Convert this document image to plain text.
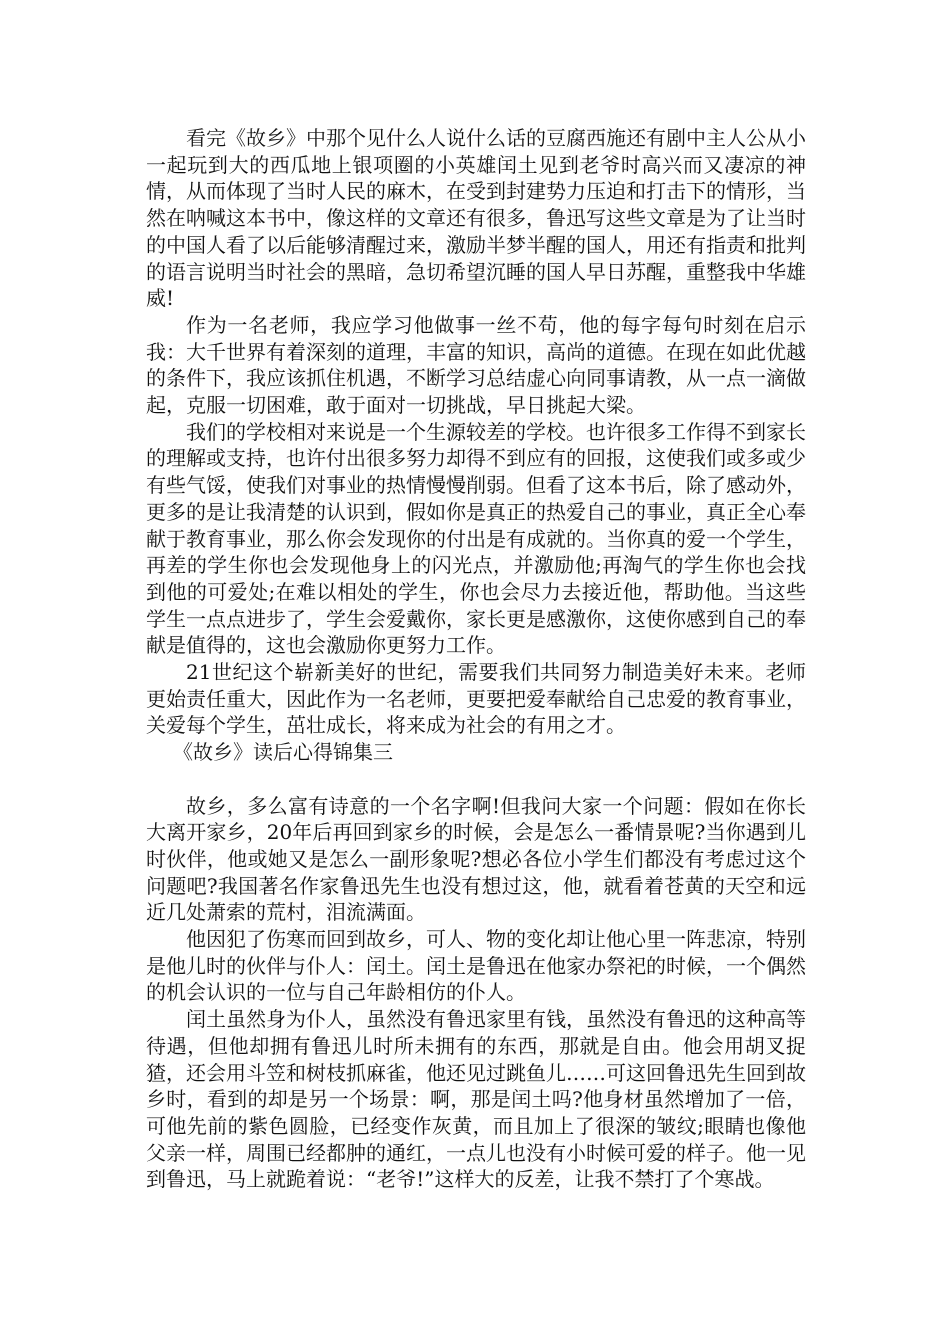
看完《故乡》中那个见什么人说什么话的豆腐西施还有剧中主人公从小一起玩到大的西瓜地上银项圈的小英雄闰土见到老爷时高兴而又凄凉的神情，从而体现了当时人民的麻木，在受到封建势力压迫和打击下的情形，当然在呐喊这本书中，像这样的文章还有很多，鲁迅写这些文章是为了让当时的中国人看了以后能够清醒过来，激励半梦半醒的国人，用还有指责和批判的语言说明当时社会的黑暗，急切希望沉睡的国人早日苏醒，重整我中华雄威!

作为一名老师，我应学习他做事一丝不苟，他的每字每句时刻在启示我：大千世界有着深刻的道理，丰富的知识，高尚的道德。在现在如此优越的条件下，我应该抓住机遇，不断学习总结虚心向同事请教，从一点一滴做起，克服一切困难，敢于面对一切挑战，早日挑起大梁。

我们的学校相对来说是一个生源较差的学校。也许很多工作得不到家长的理解或支持，也许付出很多努力却得不到应有的回报，这使我们或多或少有些气馁，使我们对事业的热情慢慢削弱。但看了这本书后，除了感动外，更多的是让我清楚的认识到，假如你是真正的热爱自己的事业，真正全心奉献于教育事业，那么你会发现你的付出是有成就的。当你真的爱一个学生，再差的学生你也会发现他身上的闪光点，并激励他;再淘气的学生你也会找到他的可爱处;在难以相处的学生，你也会尽力去接近他，帮助他。当这些学生一点点进步了，学生会爱戴你，家长更是感激你，这使你感到自己的奉献是值得的，这也会激励你更努力工作。

21世纪这个崭新美好的世纪，需要我们共同努力制造美好未来。老师更始责任重大，因此作为一名老师，更要把爱奉献给自己忠爱的教育事业，关爱每个学生，茁壮成长，将来成为社会的有用之才。

《故乡》读后心得锦集三

故乡，多么富有诗意的一个名字啊!但我问大家一个问题：假如在你长大离开家乡，20年后再回到家乡的时候，会是怎么一番情景呢?当你遇到儿时伙伴，他或她又是怎么一副形象呢?想必各位小学生们都没有考虑过这个问题吧?我国著名作家鲁迅先生也没有想过这，他，就看着苍黄的天空和远近几处萧索的荒村，泪流满面。

他因犯了伤寒而回到故乡，可人、物的变化却让他心里一阵悲凉，特别是他儿时的伙伴与仆人：闰土。闰土是鲁迅在他家办祭祀的时候，一个偶然的机会认识的一位与自己年龄相仿的仆人。

闰土虽然身为仆人，虽然没有鲁迅家里有钱，虽然没有鲁迅的这种高等待遇，但他却拥有鲁迅儿时所未拥有的东西，那就是自由。他会用胡叉捉猹，还会用斗笠和树枝抓麻雀，他还见过跳鱼儿……可这回鲁迅先生回到故乡时，看到的却是另一个场景：啊，那是闰土吗?他身材虽然增加了一倍，可他先前的紫色圆脸，已经变作灰黄，而且加上了很深的皱纹;眼睛也像他父亲一样，周围已经都肿的通红，一点儿也没有小时候可爱的样子。他一见到鲁迅，马上就跪着说：“老爷!”这样大的反差，让我不禁打了个寒战。
